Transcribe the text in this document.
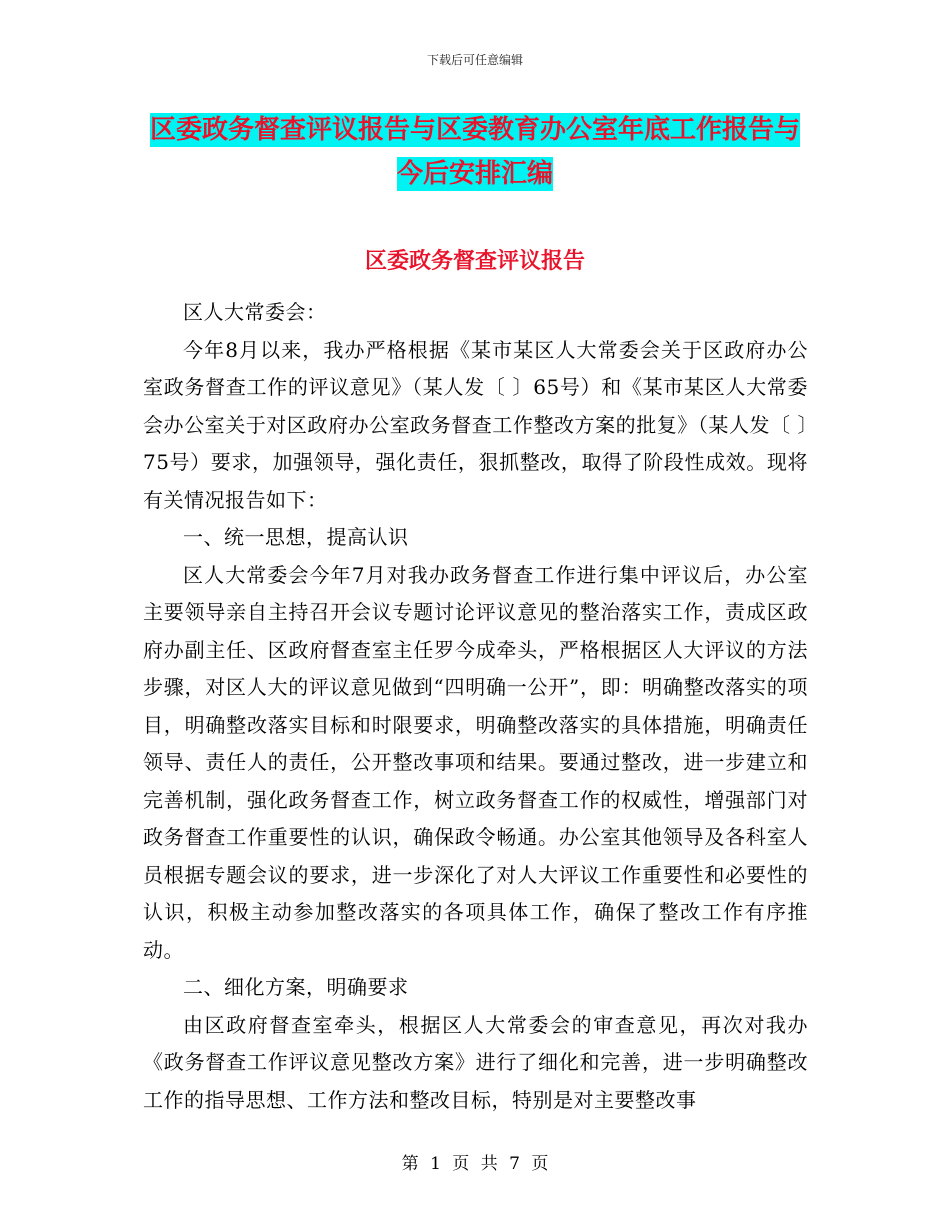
下载后可任意编辑
区委政务督查评议报告与区委教育办公室年底工作报告与今后安排汇编
区委政务督查评议报告

区人大常委会：

今年8月以来，我办严格根据《某市某区人大常委会关于区政府办公室政务督查工作的评议意见》（某人发〔 〕65号）和《某市某区人大常委会办公室关于对区政府办公室政务督查工作整改方案的批复》（某人发〔 〕75号）要求，加强领导，强化责任，狠抓整改，取得了阶段性成效。现将有关情况报告如下：

一、统一思想，提高认识

区人大常委会今年7月对我办政务督查工作进行集中评议后，办公室主要领导亲自主持召开会议专题讨论评议意见的整治落实工作，责成区政府办副主任、区政府督查室主任罗今成牵头，严格根据区人大评议的方法步骤，对区人大的评议意见做到“四明确一公开”，即：明确整改落实的项目，明确整改落实目标和时限要求，明确整改落实的具体措施，明确责任领导、责任人的责任，公开整改事项和结果。要通过整改，进一步建立和完善机制，强化政务督查工作，树立政务督查工作的权威性，增强部门对政务督查工作重要性的认识，确保政令畅通。办公室其他领导及各科室人员根据专题会议的要求，进一步深化了对人大评议工作重要性和必要性的认识，积极主动参加整改落实的各项具体工作，确保了整改工作有序推动。

二、细化方案，明确要求

由区政府督查室牵头，根据区人大常委会的审查意见，再次对我办《政务督查工作评议意见整改方案》进行了细化和完善，进一步明确整改工作的指导思想、工作方法和整改目标，特别是对主要整改事

第 1 页 共 7 页
